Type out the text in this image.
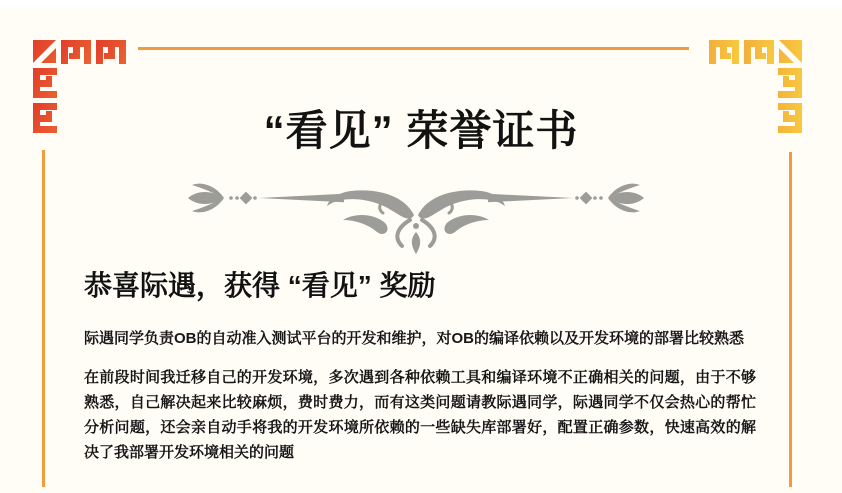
“看见” 荣誉证书
恭喜际遇，获得 “看见” 奖励

际遇同学负责OB的自动准入测试平台的开发和维护，对OB的编译依赖以及开发环境的部署比较熟悉

在前段时间我迁移自己的开发环境，多次遇到各种依赖工具和编译环境不正确相关的问题，由于不够熟悉，自己解决起来比较麻烦，费时费力，而有这类问题请教际遇同学，际遇同学不仅会热心的帮忙分析问题，还会亲自动手将我的开发环境所依赖的一些缺失库部署好，配置正确参数，快速高效的解决了我部署开发环境相关的问题
